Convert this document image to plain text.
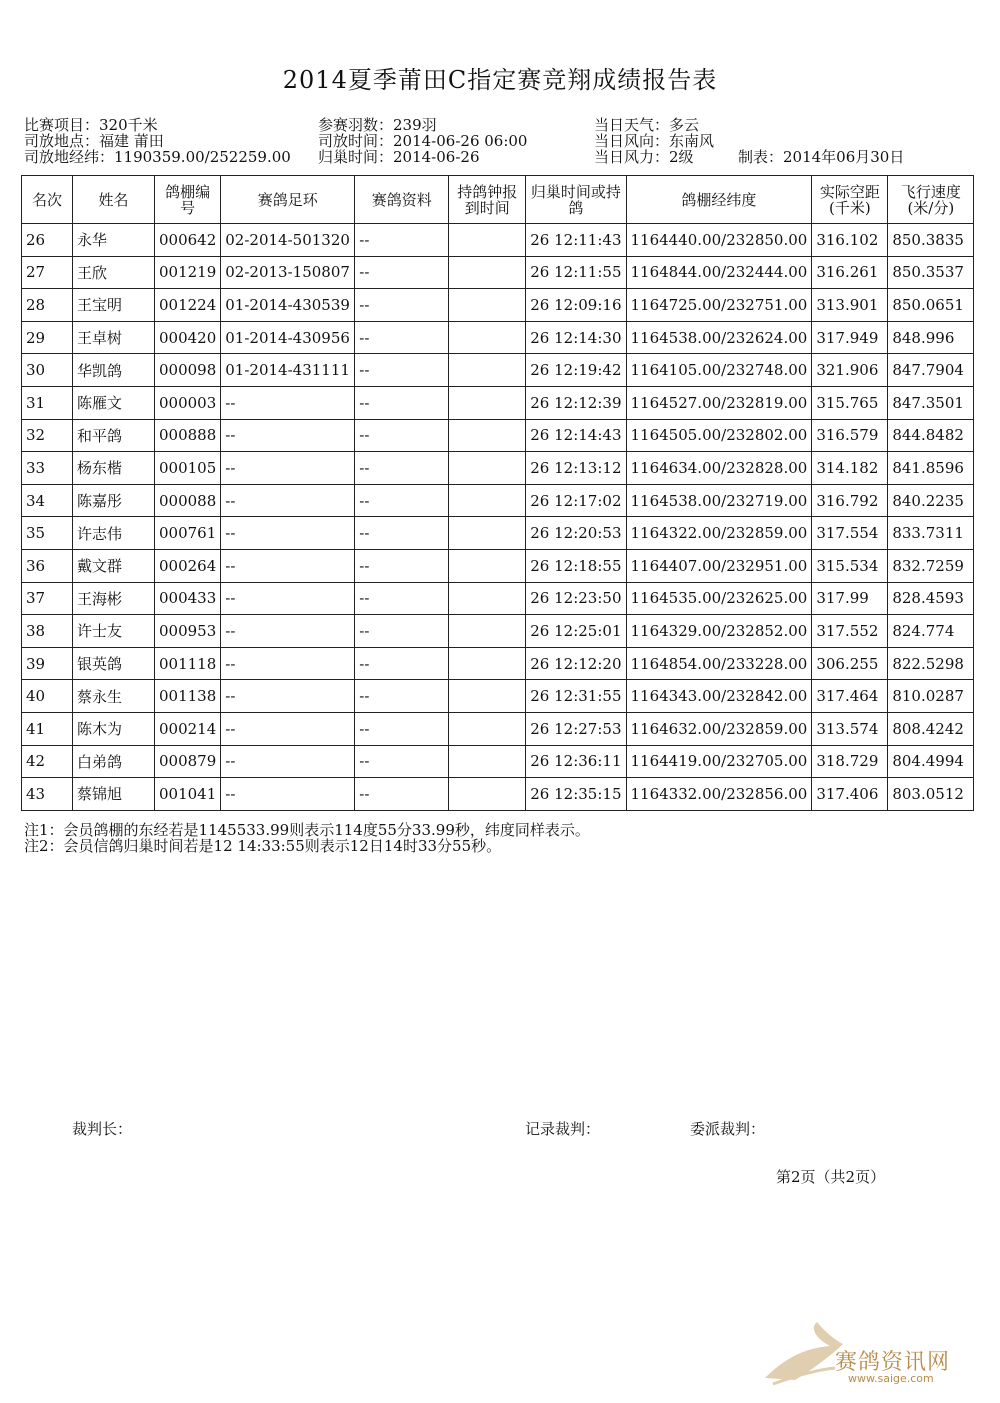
2014夏季莆田C指定赛竞翔成绩报告表
比赛项目：320千米
司放地点：福建 莆田
司放地经纬：1190359.00/252259.00
参赛羽数：239羽
司放时间：2014-06-26 06:00
归巢时间：2014-06-26
当日天气：多云
当日风向：东南风
当日风力：2级	制表：2014年06月30日
名次	姓名	鸽棚编号	赛鸽足环	赛鸽资料	持鸽钟报到时间	归巢时间或持鸽	鸽棚经纬度	实际空距(千米)	飞行速度(米/分)
26	永华	000642	02-2014-501320	--		26 12:11:43	1164440.00/232850.00	316.102	850.3835
27	王欣	001219	02-2013-150807	--		26 12:11:55	1164844.00/232444.00	316.261	850.3537
28	王宝明	001224	01-2014-430539	--		26 12:09:16	1164725.00/232751.00	313.901	850.0651
29	王卓树	000420	01-2014-430956	--		26 12:14:30	1164538.00/232624.00	317.949	848.996
30	华凯鸽	000098	01-2014-431111	--		26 12:19:42	1164105.00/232748.00	321.906	847.7904
31	陈雁文	000003	--	--		26 12:12:39	1164527.00/232819.00	315.765	847.3501
32	和平鸽	000888	--	--		26 12:14:43	1164505.00/232802.00	316.579	844.8482
33	杨东楷	000105	--	--		26 12:13:12	1164634.00/232828.00	314.182	841.8596
34	陈嘉彤	000088	--	--		26 12:17:02	1164538.00/232719.00	316.792	840.2235
35	许志伟	000761	--	--		26 12:20:53	1164322.00/232859.00	317.554	833.7311
36	戴文群	000264	--	--		26 12:18:55	1164407.00/232951.00	315.534	832.7259
37	王海彬	000433	--	--		26 12:23:50	1164535.00/232625.00	317.99	828.4593
38	许士友	000953	--	--		26 12:25:01	1164329.00/232852.00	317.552	824.774
39	银英鸽	001118	--	--		26 12:12:20	1164854.00/233228.00	306.255	822.5298
40	蔡永生	001138	--	--		26 12:31:55	1164343.00/232842.00	317.464	810.0287
41	陈木为	000214	--	--		26 12:27:53	1164632.00/232859.00	313.574	808.4242
42	白弟鸽	000879	--	--		26 12:36:11	1164419.00/232705.00	318.729	804.4994
43	蔡锦旭	001041	--	--		26 12:35:15	1164332.00/232856.00	317.406	803.0512
注1：会员鸽棚的东经若是1145533.99则表示114度55分33.99秒，纬度同样表示。
注2：会员信鸽归巢时间若是12 14:33:55则表示12日14时33分55秒。
裁判长：	记录裁判：	委派裁判：
第2页（共2页）
赛鸽资讯网
www.saige.com
